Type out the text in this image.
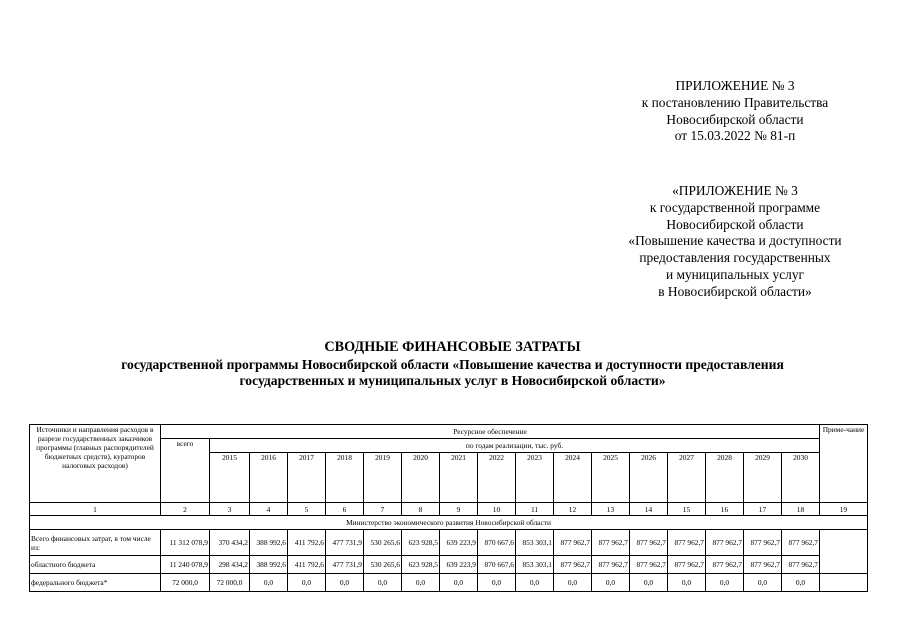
ПРИЛОЖЕНИЕ № 3
к постановлению Правительства
Новосибирской области
от 15.03.2022 № 81-п
«ПРИЛОЖЕНИЕ № 3
к государственной программе
Новосибирской области
«Повышение качества и доступности
предоставления государственных
и муниципальных услуг
в Новосибирской области»
СВОДНЫЕ ФИНАНСОВЫЕ ЗАТРАТЫ
государственной программы Новосибирской области «Повышение качества и доступности предоставления
государственных и муниципальных услуг в Новосибирской области»
Источники и направления расходов в разрезе государственных заказчиков программы (главных распорядителей бюджетных средств), кураторов налоговых расходов)	Ресурсное обеспечение																	Приме-чание
	всего	по годам реализации, тыс. руб.																
		2015	2016	2017	2018	2019	2020	2021	2022	2023	2024	2025	2026	2027	2028	2029	2030	
1	2	3	4	5	6	7	8	9	10	11	12	13	14	15	16	17	18	19
Министерство экономического развития Новосибирской области																		
Всего финансовых затрат, в том числе из:	11 312 078,9	370 434,2	388 992,6	411 792,6	477 731,9	530 265,6	623 928,5	639 223,9	870 667,6	853 303,1	877 962,7	877 962,7	877 962,7	877 962,7	877 962,7	877 962,7	877 962,7	
областного бюджета	11 240 078,9	298 434,2	388 992,6	411 792,6	477 731,9	530 265,6	623 928,5	639 223,9	870 667,6	853 303,1	877 962,7	877 962,7	877 962,7	877 962,7	877 962,7	877 962,7	877 962,7	
федерального бюджета*	72 000,0	72 000,0	0,0	0,0	0,0	0,0	0,0	0,0	0,0	0,0	0,0	0,0	0,0	0,0	0,0	0,0	0,0	
